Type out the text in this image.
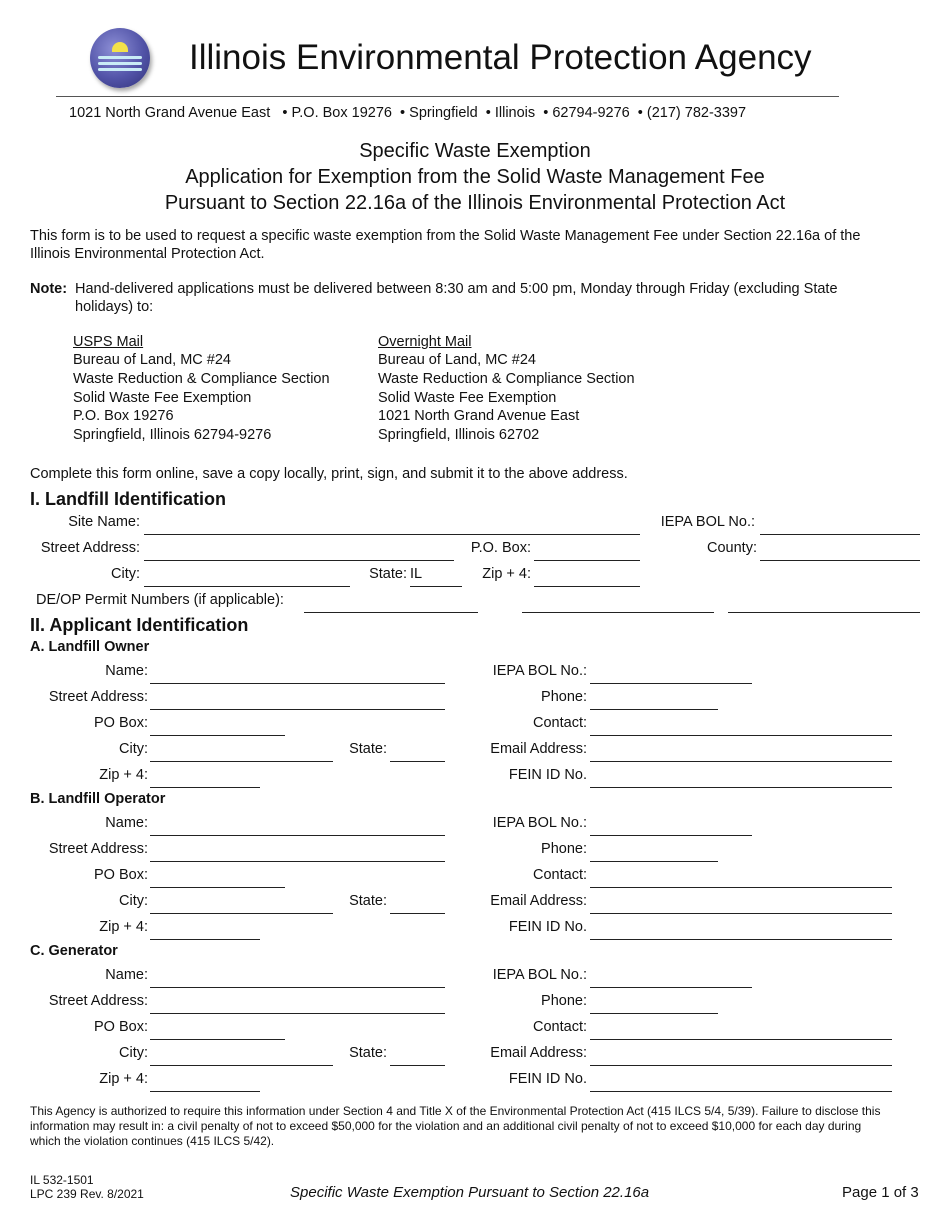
Illinois Environmental Protection Agency
1021 North Grand Avenue East • P.O. Box 19276 • Springfield • Illinois • 62794-9276 • (217) 782-3397
Specific Waste Exemption
Application for Exemption from the Solid Waste Management Fee
Pursuant to Section 22.16a of the Illinois Environmental Protection Act
This form is to be used to request a specific waste exemption from the Solid Waste Management Fee under Section 22.16a of the
Illinois Environmental Protection Act.
Note: Hand-delivered applications must be delivered between 8:30 am and 5:00 pm, Monday through Friday (excluding State
holidays) to:
USPS Mail
Bureau of Land, MC #24
Waste Reduction & Compliance Section
Solid Waste Fee Exemption
P.O. Box 19276
Springfield, Illinois 62794-9276
Overnight Mail
Bureau of Land, MC #24
Waste Reduction & Compliance Section
Solid Waste Fee Exemption
1021 North Grand Avenue East
Springfield, Illinois 62702
Complete this form online, save a copy locally, print, sign, and submit it to the above address.
I. Landfill Identification
Site Name:	IEPA BOL No.:
Street Address:	P.O. Box:	County:
City:	State: IL	Zip + 4:
DE/OP Permit Numbers (if applicable):
II. Applicant Identification
A. Landfill Owner
Name:	IEPA BOL No.:
Street Address:	Phone:
PO Box:	Contact:
City:	State:	Email Address:
Zip + 4:	FEIN ID No.
B. Landfill Operator
Name:	IEPA BOL No.:
Street Address:	Phone:
PO Box:	Contact:
City:	State:	Email Address:
Zip + 4:	FEIN ID No.
C. Generator
Name:	IEPA BOL No.:
Street Address:	Phone:
PO Box:	Contact:
City:	State:	Email Address:
Zip + 4:	FEIN ID No.
This Agency is authorized to require this information under Section 4 and Title X of the Environmental Protection Act (415 ILCS 5/4, 5/39). Failure to disclose this
information may result in: a civil penalty of not to exceed $50,000 for the violation and an additional civil penalty of not to exceed $10,000 for each day during
which the violation continues (415 ILCS 5/42).
IL 532-1501
LPC 239 Rev. 8/2021	Specific Waste Exemption Pursuant to Section 22.16a	Page 1 of 3
